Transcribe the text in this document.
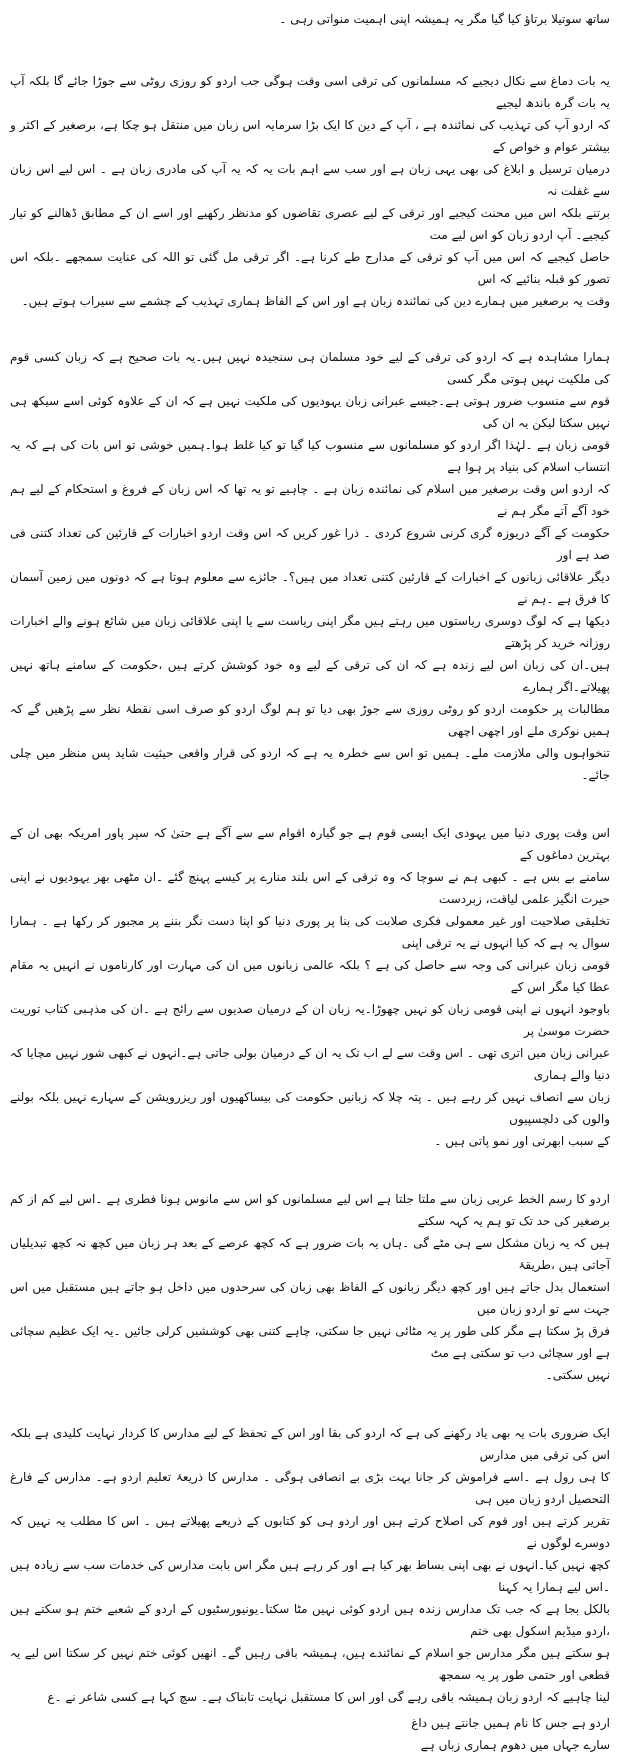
ساتھ سوتیلا برتاؤ کیا گیا مگر یہ ہمیشہ اپنی اہمیت منواتی رہی ۔

یہ بات دماغ سے نکال دیجیے کہ مسلمانوں کی ترقی اسی وقت ہوگی جب اردو کو روزی روٹی سے جوڑا جائے گا بلکہ آپ یہ بات گرہ باندھ لیجیے
کہ اردو آپ کی تہذیب کی نمائندہ ہے ، آپ کے دین کا ایک بڑا سرمایہ اس زبان میں منتقل ہو چکا ہے، برصغیر کے اکثر و بیشتر عوام و خواص کے
درمیان ترسیل و ابلاغ کی بھی یہی زبان ہے اور سب سے اہم بات یہ کہ یہ آپ کی مادری زبان ہے ۔ اس لیے اس زبان سے غفلت نہ
برتنے بلکہ اس میں محنت کیجیے اور ترقی کے لیے عصری تقاضوں کو مدنظر رکھیے اور اسے ان کے مطابق ڈھالنے کو تیار کیجیے۔ آپ اردو زبان کو اس لیے مت
حاصل کیجیے کہ اس میں آپ کو ترقی کے مدارج طے کرنا ہے۔ اگر ترقی مل گئی تو اللہ کی عنایت سمجھے ۔بلکہ اس تصور کو قبلہ بنائیے کہ اس
وقت یہ برصغیر میں ہمارے دین کی نمائندہ زبان ہے اور اس کے الفاظ ہماری تہذیب کے چشمے سے سیراب ہوتے ہیں۔

ہمارا مشاہدہ ہے کہ اردو کی ترقی کے لیے خود مسلمان ہی سنجیدہ نہیں ہیں۔یہ بات صحیح ہے کہ زبان کسی قوم کی ملکیت نہیں ہوتی مگر کسی
قوم سے منسوب ضرور ہوتی ہے۔جیسے عبرانی زبان یہودیوں کی ملکیت نہیں ہے کہ ان کے علاوہ کوئی اسے سیکھ ہی نہیں سکتا لیکن یہ ان کی
قومی زبان ہے ۔لہٰذا اگر اردو کو مسلمانوں سے منسوب کیا گیا تو کیا غلط ہوا۔ہمیں خوشی تو اس بات کی ہے کہ یہ انتساب اسلام کی بنیاد پر ہوا ہے
کہ اردو اس وقت برصغیر میں اسلام کی نمائندہ زبان ہے ۔ چاہیے تو یہ تھا کہ اس زبان کے فروغ و استحکام کے لیے ہم خود آگے آتے مگر ہم نے
حکومت کے آگے دریوزہ گری کرنی شروع کردی ۔ ذرا غور کریں کہ اس وقت اردو اخبارات کے قارئین کی تعداد کتنی فی صد ہے اور
دیگر علاقائی زبانوں کے اخبارات کے قارئین کتنی تعداد میں ہیں؟۔ جائزے سے معلوم ہوتا ہے کہ دونوں میں زمین آسمان کا فرق ہے ۔ہم نے
دیکھا ہے کہ لوگ دوسری ریاستوں میں رہتے ہیں مگر اپنی ریاست سے یا اپنی علاقائی زبان میں شائع ہونے والے اخبارات روزانہ خرید کر پڑھتے
ہیں۔ان کی زبان اس لیے زندہ ہے کہ ان کی ترقی کے لیے وہ خود کوشش کرتے ہیں ،حکومت کے سامنے ہاتھ نہیں پھیلاتے۔اگر ہمارے
مطالبات پر حکومت اردو کو روٹی روزی سے جوڑ بھی دیا تو ہم لوگ اردو کو صرف اسی نقطۂ نظر سے پڑھیں گے کہ ہمیں نوکری ملے اور اچھی اچھی
تنخواہوں والی ملازمت ملے۔ ہمیں تو اس سے خطرہ یہ ہے کہ اردو کی قرار واقعی حیثیت شاید پس منظر میں چلی جائے۔

اس وقت پوری دنیا میں یہودی ایک ایسی قوم ہے جو گیارہ اقوام سے سے آگے ہے حتیٰ کہ سپر پاور امریکہ بھی ان کے بہترین دماغوں کے
سامنے بے بس ہے ۔ کبھی ہم نے سوچا کہ وہ ترقی کے اس بلند منارے پر کیسے پہنچ گئے ۔ان مٹھی بھر یہودیوں نے اپنی حیرت انگیز علمی لیاقت، زبردست
تخلیقی صلاحیت اور غیر معمولی فکری صلابت کی بنا پر پوری دنیا کو اپنا دست نگر بننے پر مجبور کر رکھا ہے ۔ ہمارا سوال یہ ہے کہ کیا انہوں نے یہ ترقی اپنی
قومی زبان عبرانی کی وجہ سے حاصل کی ہے ؟ بلکہ عالمی زبانوں میں ان کی مہارت اور کارناموں نے انہیں یہ مقام عطا کیا مگر اس کے
باوجود انہوں نے اپنی قومی زبان کو نہیں چھوڑا۔یہ زبان ان کے درمیان صدیوں سے رائج ہے ۔ان کی مذہبی کتاب توریت حضرت موسیٰ پر
عبرانی زبان میں اتری تھی ۔ اس وقت سے لے اب تک یہ ان کے درمیان بولی جاتی ہے۔انہوں نے کبھی شور نہیں مچایا کہ دنیا والے ہماری
زبان سے انصاف نہیں کر رہے ہیں ۔ پتہ چلا کہ زبانیں حکومت کی بیساکھیوں اور ریزرویشن کے سہارے نہیں بلکہ بولنے والوں کی دلچسپیوں
کے سبب ابھرتی اور نمو پاتی ہیں ۔

اردو کا رسم الخط عربی زبان سے ملتا جلتا ہے اس لیے مسلمانوں کو اس سے مانوس ہونا فطری ہے ۔اس لیے کم از کم برصغیر کی حد تک تو ہم یہ کہہ سکتے
ہیں کہ یہ زبان مشکل سے ہی مٹے گی ۔ہاں یہ بات ضرور ہے کہ کچھ عرصے کے بعد ہر زبان میں کچھ نہ کچھ تبدیلیاں آجاتی ہیں ،طریقۂ
استعمال بدل جاتے ہیں اور کچھ دیگر زبانوں کے الفاظ بھی زبان کی سرحدوں میں داخل ہو جاتے ہیں مستقبل میں اس جہت سے تو اردو زبان میں
فرق پڑ سکتا ہے مگر کلی طور پر یہ مٹائی نہیں جا سکتی، چاہے کتنی بھی کوششیں کرلی جائیں ۔یہ ایک عظیم سچائی ہے اور سچائی دب تو سکتی ہے مٹ
نہیں سکتی۔

ایک ضروری بات یہ بھی یاد رکھنے کی ہے کہ اردو کی بقا اور اس کے تحفظ کے لیے مدارس کا کردار نہایت کلیدی ہے بلکہ اس کی ترقی میں مدارس
کا ہی رول ہے ۔اسے فراموش کر جانا بہت بڑی بے انصافی ہوگی ۔ مدارس کا ذریعۂ تعلیم اردو ہے۔ مدارس کے فارغ التحصیل اردو زبان میں ہی
تقریر کرتے ہیں اور قوم کی اصلاح کرتے ہیں اور اردو ہی کو کتابوں کے ذریعے پھیلاتے ہیں ۔ اس کا مطلب یہ نہیں کہ دوسرے لوگوں نے
کچھ نہیں کیا۔انہوں نے بھی اپنی بساط بھر کیا ہے اور کر رہے ہیں مگر اس بابت مدارس کی خدمات سب سے زیادہ ہیں ۔اس لیے ہمارا یہ کہنا
بالکل بجا ہے کہ جب تک مدارس زندہ ہیں اردو کوئی نہیں مٹا سکتا۔یونیورسٹیوں کے اردو کے شعبے ختم ہو سکتے ہیں ،اردو میڈیم اسکول بھی ختم
ہو سکتے ہیں مگر مدارس جو اسلام کے نمائندے ہیں، ہمیشہ باقی رہیں گے۔ انھیں کوئی ختم نہیں کر سکتا اس لیے یہ قطعی اور حتمی طور پر یہ سمجھ
لینا چاہیے کہ اردو زبان ہمیشہ باقی رہے گی اور اس کا مستقبل نہایت تابناک ہے۔ سچ کہا ہے کسی شاعر نے ۔ع

اردو ہے جس کا نام ہمیں جانتے ہیں داغ
سارے جہاں میں دھوم ہماری زباں ہے
